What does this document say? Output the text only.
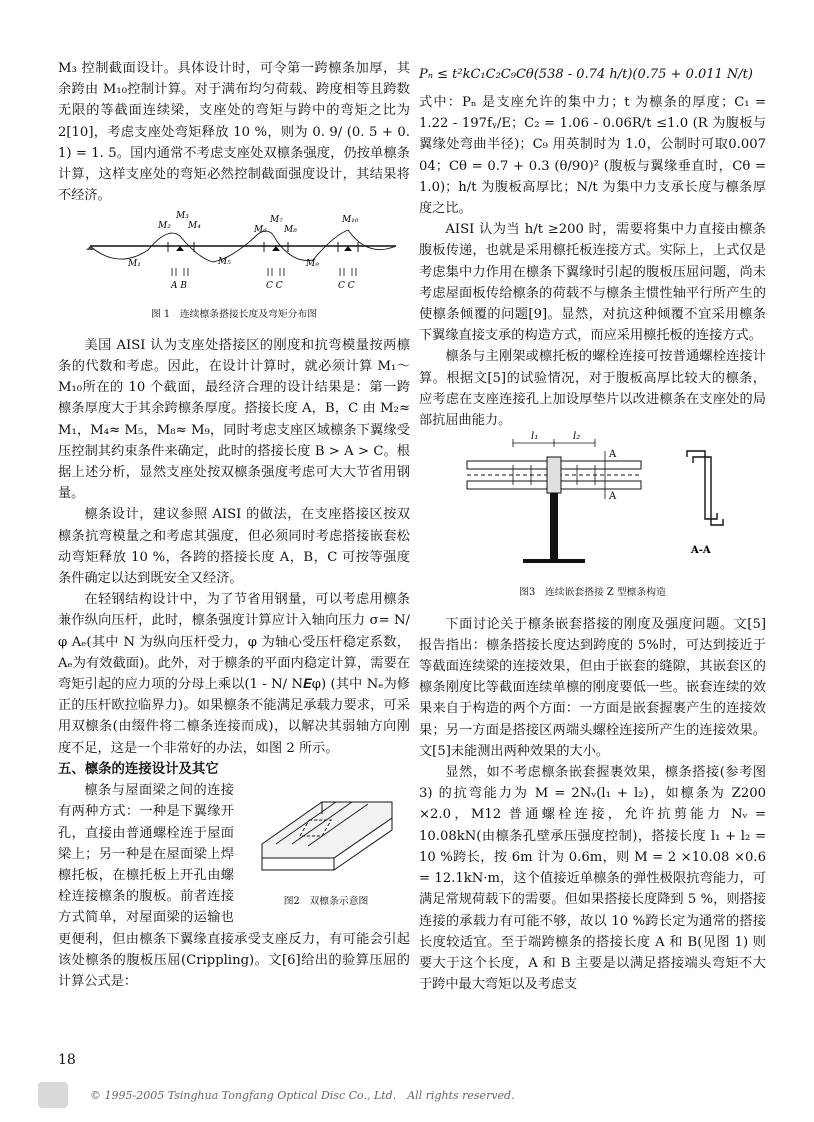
M₃ 控制截面设计。具体设计时，可令第一跨檩条加厚，其余跨由 M₁₀控制计算。对于满布均匀荷载、跨度相等且跨数无限的等截面连续梁，支座处的弯矩与跨中的弯矩之比为 2[10]，考虑支座处弯矩释放 10 %，则为 0. 9/ (0. 5 + 0. 1) = 1. 5。国内通常不考虑支座处双檩条强度，仍按单檩条计算，这样支座处的弯矩必然控制截面强度设计，其结果将不经济。

M₃
M₂ M₄
M₇
M₆ M₈
M₁₀
M₁	M₅	M₉
A B	C C	C C
图 1　连续檩条搭接长度及弯矩分布图

美国 AISI 认为支座处搭接区的刚度和抗弯模量按两檩条的代数和考虑。因此，在设计计算时，就必须计算 M₁～ M₁₀所在的 10 个截面，最经济合理的设计结果是：第一跨檩条厚度大于其余跨檩条厚度。搭接长度 A，B，C 由 M₂≈ M₁，M₄≈ M₅，M₈≈ M₉，同时考虑支座区域檩条下翼缘受压控制其约束条件来确定，此时的搭接长度 B > A > C。根据上述分析，显然支座处按双檩条强度考虑可大大节省用钢量。

檩条设计，建议参照 AISI 的做法，在支座搭接区按双檩条抗弯模量之和考虑其强度，但必须同时考虑搭接嵌套松动弯矩释放 10 %，各跨的搭接长度 A，B，C 可按等强度条件确定以达到既安全又经济。

在轻钢结构设计中，为了节省用钢量，可以考虑用檩条兼作纵向压杆，此时，檩条强度计算应计入轴向压力 σ= N/φ Aₑ(其中 N 为纵向压杆受力，φ 为轴心受压杆稳定系数，Aₑ为有效截面)。此外，对于檩条的平面内稳定计算，需要在弯矩引起的应力项的分母上乘以(1 - N/ N𝑬φ) (其中 Nₑ为修正的压杆欧拉临界力)。如果檩条不能满足承载力要求，可采用双檩条(由缀件将二檩条连接而成)，以解决其弱轴方向刚度不足，这是一个非常好的办法，如图 2 所示。

五、檩条的连接设计及其它

图2　双檩条示意图

檩条与屋面梁之间的连接有两种方式：一种是下翼缘开孔，直接由普通螺栓连于屋面梁上；另一种是在屋面梁上焊檩托板，在檩托板上开孔由螺栓连接檩条的腹板。前者连接方式简单，对屋面梁的运输也更便利，但由檩条下翼缘直接承受支座反力，有可能会引起该处檩条的腹板压屈(Crippling)。文[6]给出的验算压屈的计算公式是：

Pₙ ≤ t²kC₁C₂C₉Cθ(538 - 0.74 h/t)(0.75 + 0.011 N/t)

式中：Pₙ 是支座允许的集中力；t 为檩条的厚度；C₁ = 1.22 - 197fᵧ/E；C₂ = 1.06 - 0.06R/t ≤1.0 (R 为腹板与翼缘处弯曲半径)；C₉ 用英制时为 1.0，公制时可取0.007 04；Cθ = 0.7 + 0.3 (θ/90)² (腹板与翼缘垂直时，Cθ = 1.0)；h/t 为腹板高厚比；N/t 为集中力支承长度与檩条厚度之比。

AISI 认为当 h/t ≥200 时，需要将集中力直接由檩条腹板传递，也就是采用檩托板连接方式。实际上，上式仅是考虑集中力作用在檩条下翼缘时引起的腹板压屈问题，尚未考虑屋面板传给檩条的荷载不与檩条主惯性轴平行所产生的使檩条倾覆的问题[9]。显然，对抗这种倾覆不宜采用檩条下翼缘直接支承的构造方式，而应采用檩托板的连接方式。

檩条与主刚架或檩托板的螺栓连接可按普通螺栓连接计算。根据文[5]的试验情况，对于腹板高厚比较大的檩条，应考虑在支座连接孔上加设厚垫片以改进檩条在支座处的局部抗屈曲能力。

l₁	l₂
A
A
A-A
图3　连续嵌套搭接 Z 型檩条构造

下面讨论关于檩条嵌套搭接的刚度及强度问题。文[5]报告指出：檩条搭接长度达到跨度的 5%时，可达到接近于等截面连续梁的连接效果，但由于嵌套的缝隙，其嵌套区的檩条刚度比等截面连续单檩的刚度要低一些。嵌套连续的效果来自于构造的两个方面：一方面是嵌套握裹产生的连接效果；另一方面是搭接区两端头螺栓连接所产生的连接效果。文[5]未能测出两种效果的大小。

显然，如不考虑檩条嵌套握裹效果，檩条搭接(参考图 3) 的抗弯能力为 M = 2Nᵥ(l₁ + l₂)，如檩条为 Z200 ×2.0，M12 普通螺栓连接，允许抗剪能力 Nᵥ = 10.08kN(由檩条孔壁承压强度控制)，搭接长度 l₁ + l₂ = 10 %跨长，按 6m 计为 0.6m，则 M = 2 ×10.08 ×0.6 = 12.1kN·m，这个值接近单檩条的弹性极限抗弯能力，可满足常规荷载下的需要。但如果搭接长度降到 5 %，则搭接连接的承载力有可能不够，故以 10 %跨长定为通常的搭接长度较适宜。至于端跨檩条的搭接长度 A 和 B(见图 1) 则要大于这个长度，A 和 B 主要是以满足搭接端头弯矩不大于跨中最大弯矩以及考虑支

18
© 1995-2005 Tsinghua Tongfang Optical Disc Co., Ltd.　All rights reserved.
